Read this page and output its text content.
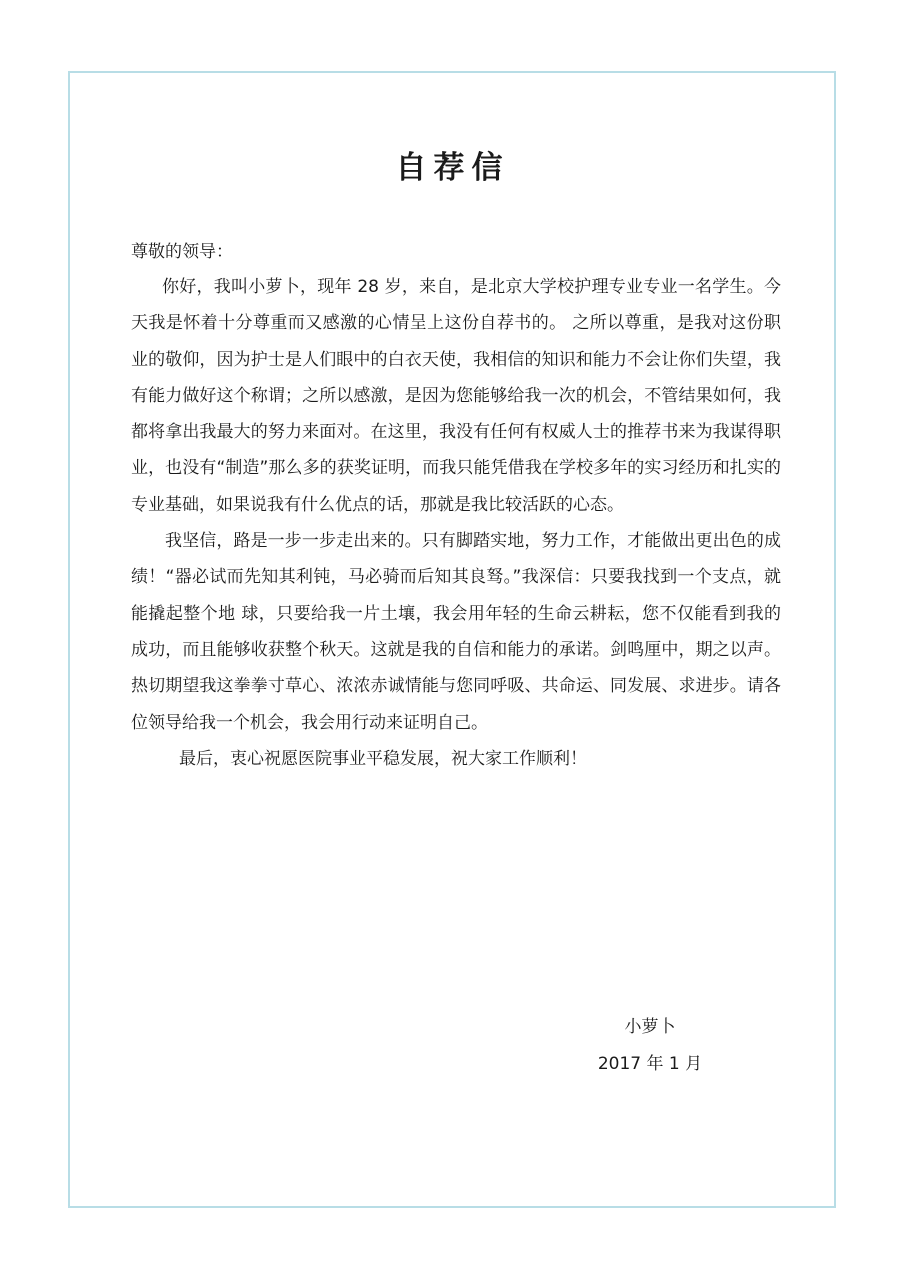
自荐信
尊敬的领导：

你好，我叫小萝卜，现年 28 岁，来自，是北京大学校护理专业专业一名学生。今天我是怀着十分尊重而又感激的心情呈上这份自荐书的。 之所以尊重，是我对这份职业的敬仰，因为护士是人们眼中的白衣天使，我相信的知识和能力不会让你们失望，我有能力做好这个称谓；之所以感激，是因为您能够给我一次的机会，不管结果如何，我都将拿出我最大的努力来面对。在这里，我没有任何有权威人士的推荐书来为我谋得职业，也没有“制造”那么多的获奖证明，而我只能凭借我在学校多年的实习经历和扎实的专业基础，如果说我有什么优点的话，那就是我比较活跃的心态。

我坚信，路是一步一步走出来的。只有脚踏实地，努力工作，才能做出更出色的成绩！“器必试而先知其利钝，马必骑而后知其良驽。”我深信：只要我找到一个支点，就能撬起整个地 球，只要给我一片土壤，我会用年轻的生命云耕耘，您不仅能看到我的成功，而且能够收获整个秋天。这就是我的自信和能力的承诺。剑鸣厘中，期之以声。热切期望我这拳拳寸草心、浓浓赤诚情能与您同呼吸、共命运、同发展、求进步。请各位领导给我一个机会，我会用行动来证明自己。

最后，衷心祝愿医院事业平稳发展，祝大家工作顺利！

小萝卜
2017 年 1 月
